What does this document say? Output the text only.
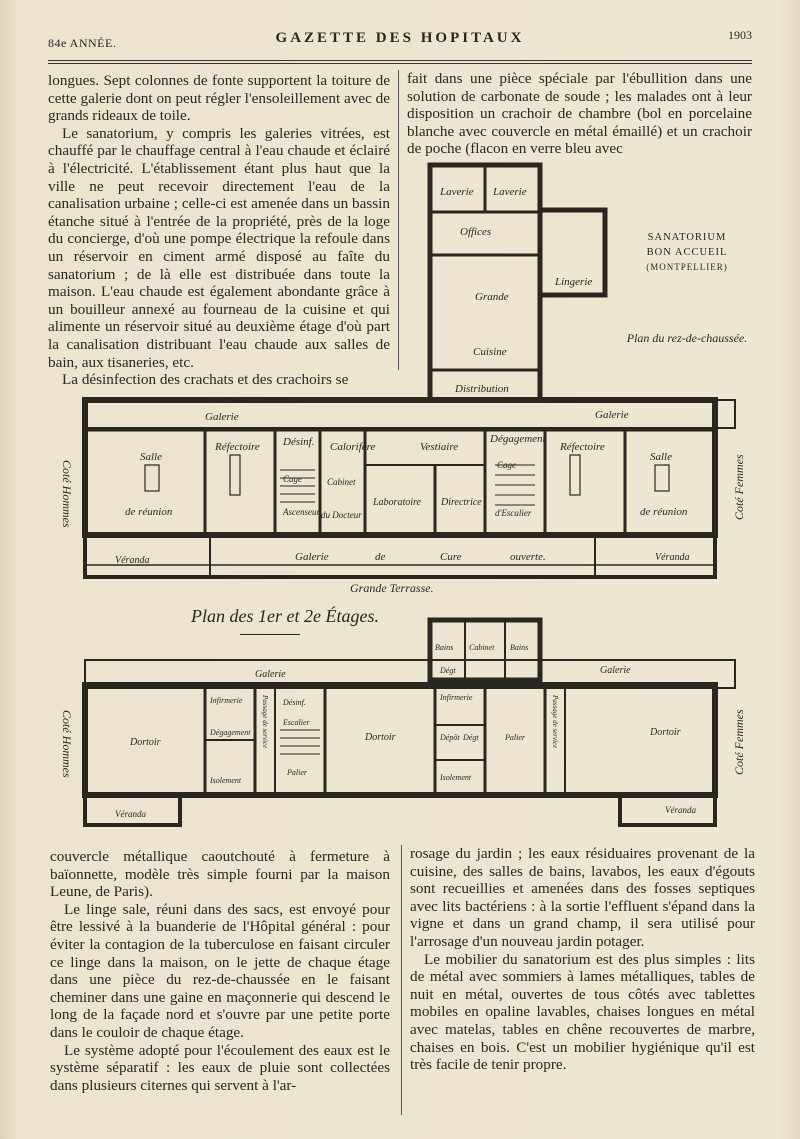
84e ANNÉE.	GAZETTE DES HOPITAUX	1903

longues. Sept colonnes de fonte supportent la toiture de cette galerie dont on peut régler l'ensoleillement avec de grands rideaux de toile.

Le sanatorium, y compris les galeries vitrées, est chauffé par le chauffage central à l'eau chaude et éclairé à l'électricité. L'établissement étant plus haut que la ville ne peut recevoir directement l'eau de la canalisation urbaine ; celle-ci est amenée dans un bassin étanche situé à l'entrée de la propriété, près de la loge du concierge, d'où une pompe électrique la refoule dans un réservoir en ciment armé disposé au faîte du sanatorium ; de là elle est distribuée dans toute la maison. L'eau chaude est également abondante grâce à un bouilleur annexé au fourneau de la cuisine et qui alimente un réservoir situé au deuxième étage d'où part la canalisation distribuant l'eau chaude aux salles de bain, aux tisaneries, etc.

La désinfection des crachats et des crachoirs se

fait dans une pièce spéciale par l'ébullition dans une solution de carbonate de soude ; les malades ont à leur disposition un crachoir de chambre (bol en porcelaine blanche avec couvercle en métal émaillé) et un crachoir de poche (flacon en verre bleu avec

SANATORIUM
BON ACCUEIL
(MONTPELLIER)
Plan du rez-de-chaussée.
Laverie Laverie
Offices
Lingerie
Grande
Cuisine
Distribution
Galerie	Galerie
Salle
de réunion
Réfectoire Désinf. Calorifère	Vestiaire
Dégagement
Réfectoire
Salle
de réunion
Ascenseur
Cage	Cabinet
du Docteur
Laboratoire Directrice
Cage
d'Escalier
Véranda	Véranda
Galerie	de	Cure	ouverte.
Grande Terrasse.
Coté Hommes	Coté Femmes
Plan des 1er et 2e Étages.
Bains Cabinet Bains
Dégt
Galerie	Galerie
Dortoir	Dortoir	Dortoir
Infirmerie	Infirmerie
Dégagement
Isolement
Désinf.
Escalier
Palier
Dépôt Dégt	Palier
Isolement
Passage de service	Passage de service
Véranda	Véranda
Coté Hommes	Coté Femmes

couvercle métallique caoutchouté à fermeture à baïonnette, modèle très simple fourni par la maison Leune, de Paris).

Le linge sale, réuni dans des sacs, est envoyé pour être lessivé à la buanderie de l'Hôpital général : pour éviter la contagion de la tuberculose en faisant circuler ce linge dans la maison, on le jette de chaque étage dans une pièce du rez-de-chaussée en le faisant cheminer dans une gaine en maçonnerie qui descend le long de la façade nord et s'ouvre par une petite porte dans le couloir de chaque étage.

Le système adopté pour l'écoulement des eaux est le système séparatif : les eaux de pluie sont collectées dans plusieurs citernes qui servent à l'ar-

rosage du jardin ; les eaux résiduaires provenant de la cuisine, des salles de bains, lavabos, les eaux d'égouts sont recueillies et amenées dans des fosses septiques avec lits bactériens : à la sortie l'effluent s'épand dans la vigne et dans un grand champ, il sera utilisé pour l'arrosage d'un nouveau jardin potager.

Le mobilier du sanatorium est des plus simples : lits de métal avec sommiers à lames métalliques, tables de nuit en métal, ouvertes de tous côtés avec tablettes mobiles en opaline lavables, chaises longues en métal avec matelas, tables en chêne recouvertes de marbre, chaises en bois. C'est un mobilier hygiénique qu'il est très facile de tenir propre.
